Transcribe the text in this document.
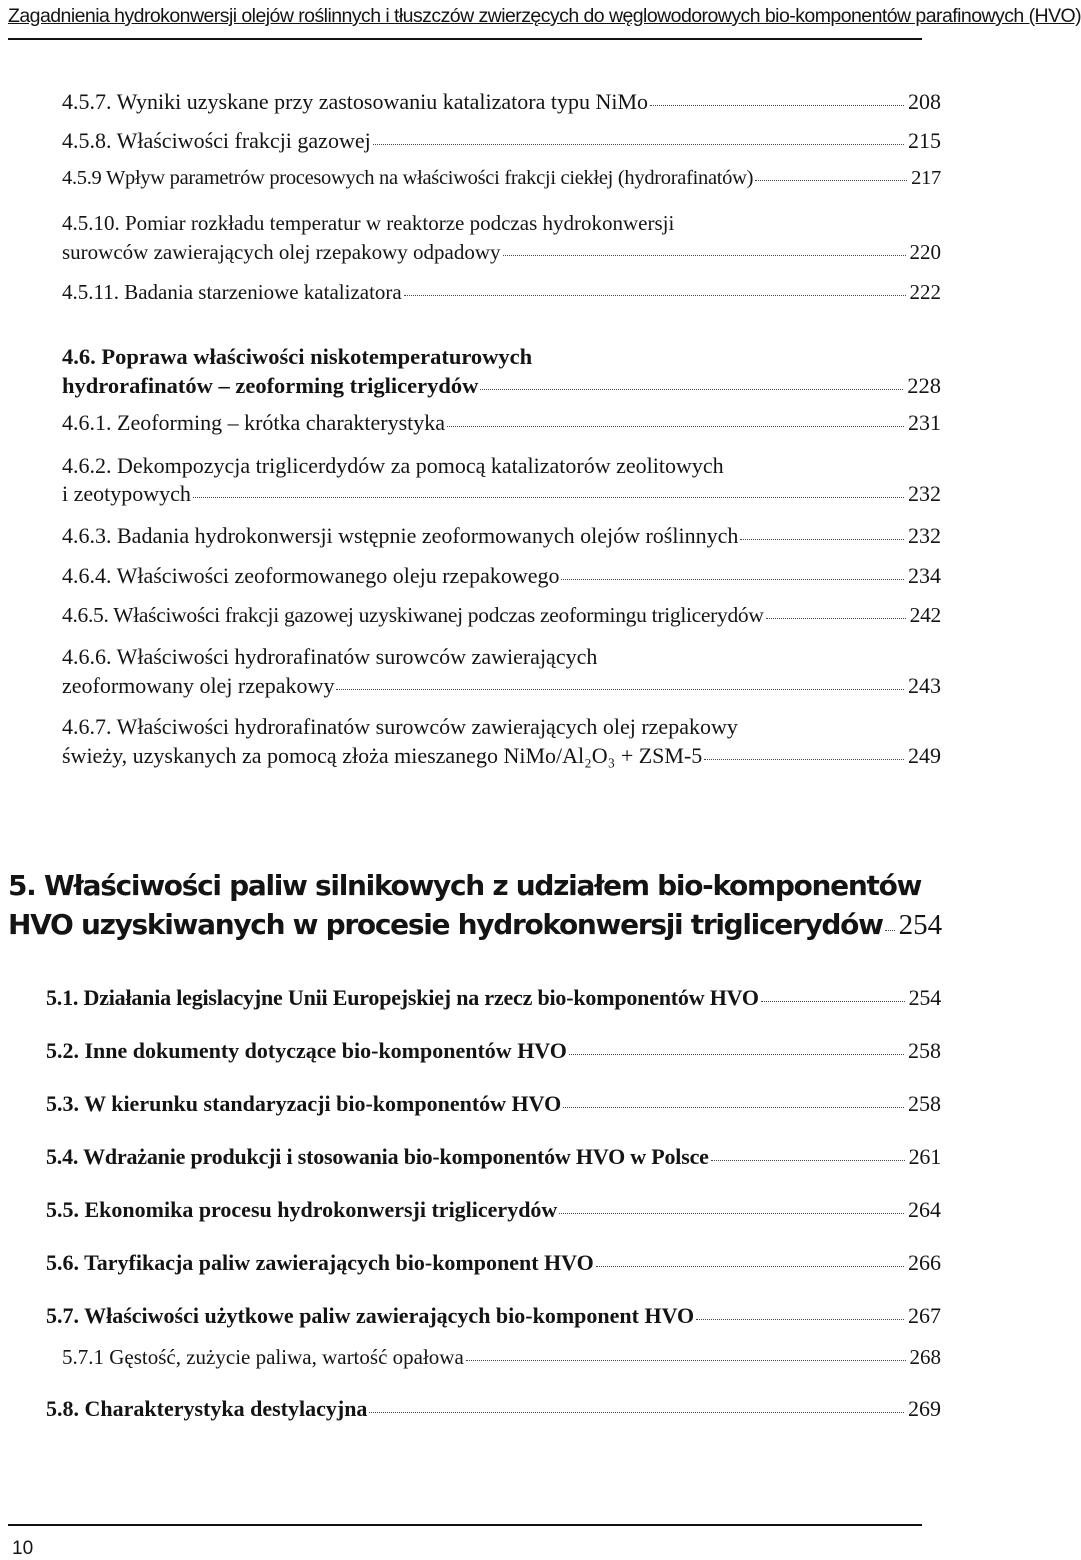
Zagadnienia hydrokonwersji olejów roślinnych i tłuszczów zwierzęcych do węglowodorowych bio-komponentów parafinowych (HVO)
4.5.7. Wyniki uzyskane przy zastosowaniu katalizatora typu NiMo	208
4.5.8. Właściwości frakcji gazowej	215
4.5.9 Wpływ parametrów procesowych na właściwości frakcji ciekłej (hydrorafinatów)	217
4.5.10. Pomiar rozkładu temperatur w reaktorze podczas hydrokonwersji
surowców zawierających olej rzepakowy odpadowy	220
4.5.11. Badania starzeniowe katalizatora	222
4.6. Poprawa właściwości niskotemperaturowych
hydrorafinatów – zeoforming triglicerydów	228
4.6.1. Zeoforming – krótka charakterystyka	231
4.6.2. Dekompozycja triglicerdydów za pomocą katalizatorów zeolitowych
i zeotypowych	232
4.6.3. Badania hydrokonwersji wstępnie zeoformowanych olejów roślinnych	232
4.6.4. Właściwości zeoformowanego oleju rzepakowego	234
4.6.5. Właściwości frakcji gazowej uzyskiwanej podczas zeoformingu triglicerydów	242
4.6.6. Właściwości hydrorafinatów surowców zawierających
zeoformowany olej rzepakowy	243
4.6.7. Właściwości hydrorafinatów surowców zawierających olej rzepakowy
świeży, uzyskanych za pomocą złoża mieszanego NiMo/Al₂O₃ + ZSM-5	249
5. Właściwości paliw silnikowych z udziałem bio-komponentów
HVO uzyskiwanych w procesie hydrokonwersji triglicerydów 254
5.1. Działania legislacyjne Unii Europejskiej na rzecz bio-komponentów HVO	254
5.2. Inne dokumenty dotyczące bio-komponentów HVO	258
5.3. W kierunku standaryzacji bio-komponentów HVO	258
5.4. Wdrażanie produkcji i stosowania bio-komponentów HVO w Polsce	261
5.5. Ekonomika procesu hydrokonwersji triglicerydów	264
5.6. Taryfikacja paliw zawierających bio-komponent HVO	266
5.7. Właściwości użytkowe paliw zawierających bio-komponent HVO	267
5.7.1 Gęstość, zużycie paliwa, wartość opałowa	268
5.8. Charakterystyka destylacyjna	269
10
